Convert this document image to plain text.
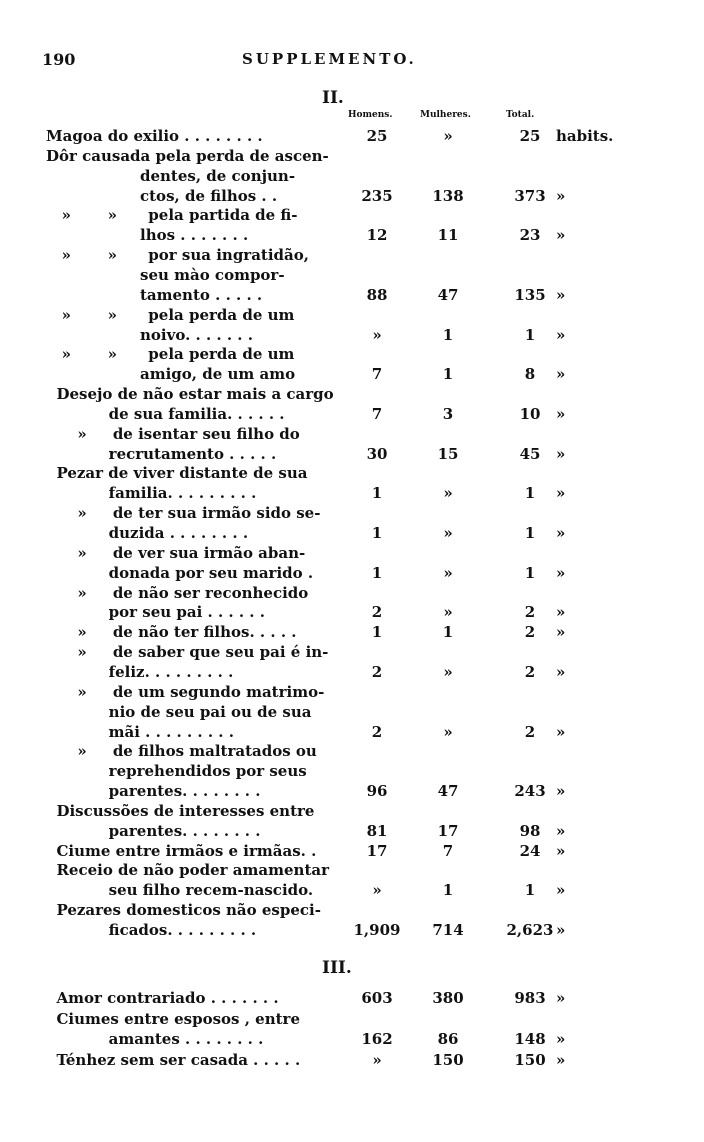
190	SUPPLEMENTO.
II.
Homens.	Mulheres.	Total.
Magoa do exilio . . . . . . . .	25	»	25	habits.
Dôr causada pela perda de ascen-
dentes, de conjun-
ctos, de filhos . .	235	138	373 »
»       »      pela partida de fi-
lhos . . . . . . .	12	11	23	»
»       »      por sua ingratidão,
seu mào compor-
tamento . . . . .	88	47	135 »
»       »      pela perda de um
noivo. . . . . . .	»	1	1	»
»       »      pela perda de um
amigo, de um amo	7	1	8	»
Desejo de não estar mais a cargo
de sua familia. . . . . .	7	3	10	»
»     de isentar seu filho do
recrutamento . . . . .	30	15	45	»
Pezar de viver distante de sua
familia. . . . . . . . .	1	»	1	»
»     de ter sua irmão sido se-
duzida . . . . . . . .	1	»	1	»
»     de ver sua irmão aban-
donada por seu marido .	1	»	1	»
»     de não ser reconhecido
por seu pai . . . . . .	2	»	2	»
»     de não ter filhos. . . . .	1	1	2	»
»     de saber que seu pai é in-
feliz. . . . . . . . .	2	»	2	»
»     de um segundo matrimo-
nio de seu pai ou de sua
mãi . . . . . . . . .	2	»	2	»
»     de filhos maltratados ou
reprehendidos por seus
parentes. . . . . . . .	96	47	243 »
Discussões de interesses entre
parentes. . . . . . . .	81	17	98	»
Ciume entre irmãos e irmãas. .	17	7	24	»
Receio de não poder amamentar
seu filho recem-nascido.	»	1	1	»
Pezares domesticos não especi-
ficados. . . . . . . . .	1,909	714	2,623 »
III.
Amor contrariado . . . . . . .	603	380	983 »
Ciumes entre esposos , entre
amantes . . . . . . . .	162	86	148 »
Ténhez sem ser casada . . . . .	»	150	150 »
